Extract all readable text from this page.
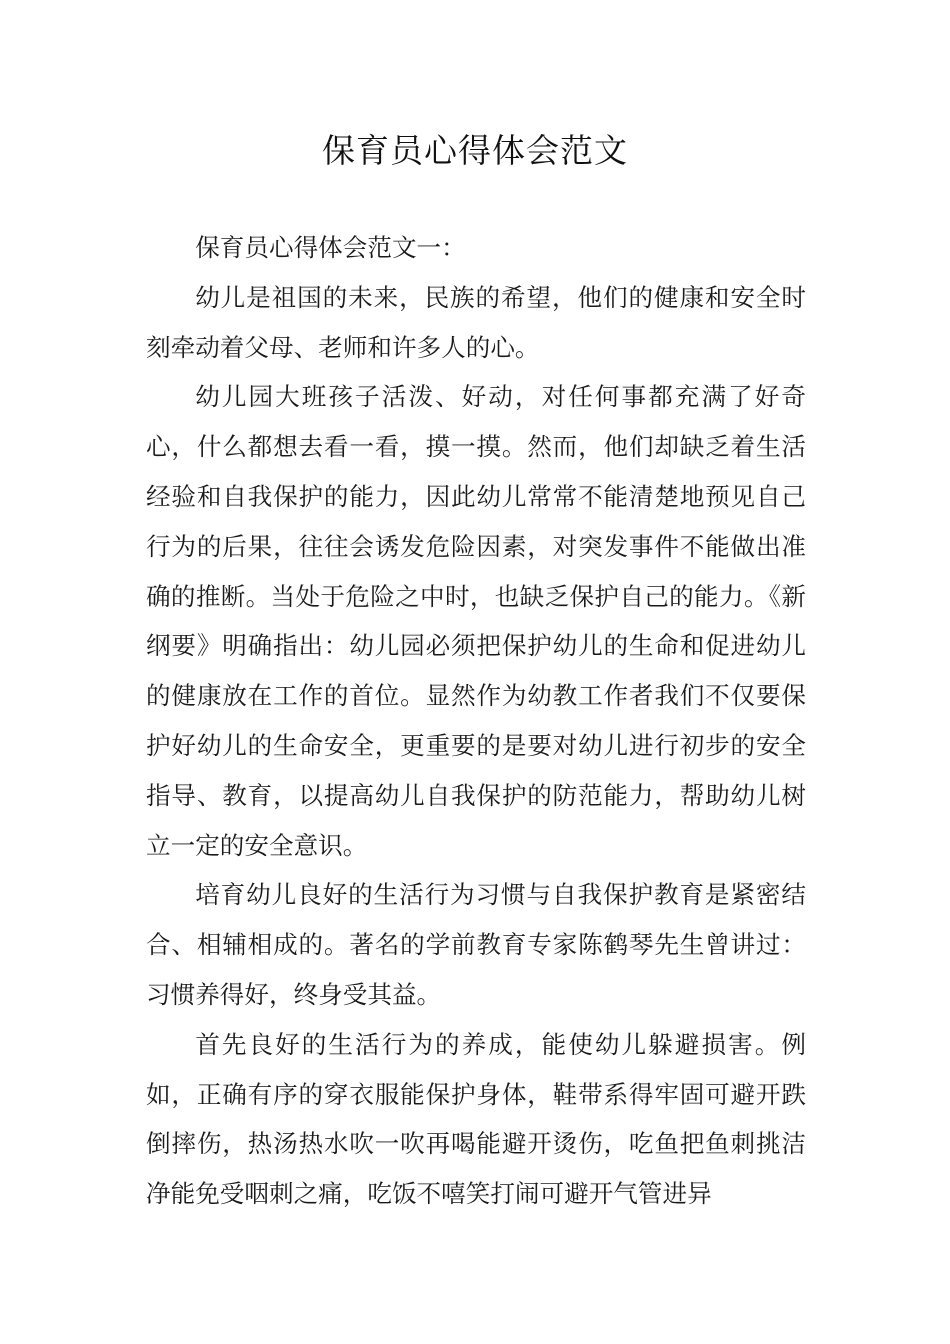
保育员心得体会范文

保育员心得体会范文一：

幼儿是祖国的未来，民族的希望，他们的健康和安全时刻牵动着父母、老师和许多人的心。

幼儿园大班孩子活泼、好动，对任何事都充满了好奇心，什么都想去看一看，摸一摸。然而，他们却缺乏着生活经验和自我保护的能力，因此幼儿常常不能清楚地预见自己行为的后果，往往会诱发危险因素，对突发事件不能做出准确的推断。当处于危险之中时，也缺乏保护自己的能力。《新纲要》明确指出：幼儿园必须把保护幼儿的生命和促进幼儿的健康放在工作的首位。显然作为幼教工作者我们不仅要保护好幼儿的生命安全，更重要的是要对幼儿进行初步的安全指导、教育，以提高幼儿自我保护的防范能力，帮助幼儿树立一定的安全意识。

培育幼儿良好的生活行为习惯与自我保护教育是紧密结合、相辅相成的。著名的学前教育专家陈鹤琴先生曾讲过：习惯养得好，终身受其益。

首先良好的生活行为的养成，能使幼儿躲避损害。例如，正确有序的穿衣服能保护身体，鞋带系得牢固可避开跌倒摔伤，热汤热水吹一吹再喝能避开烫伤，吃鱼把鱼刺挑洁净能免受咽刺之痛，吃饭不嘻笑打闹可避开气管进异
